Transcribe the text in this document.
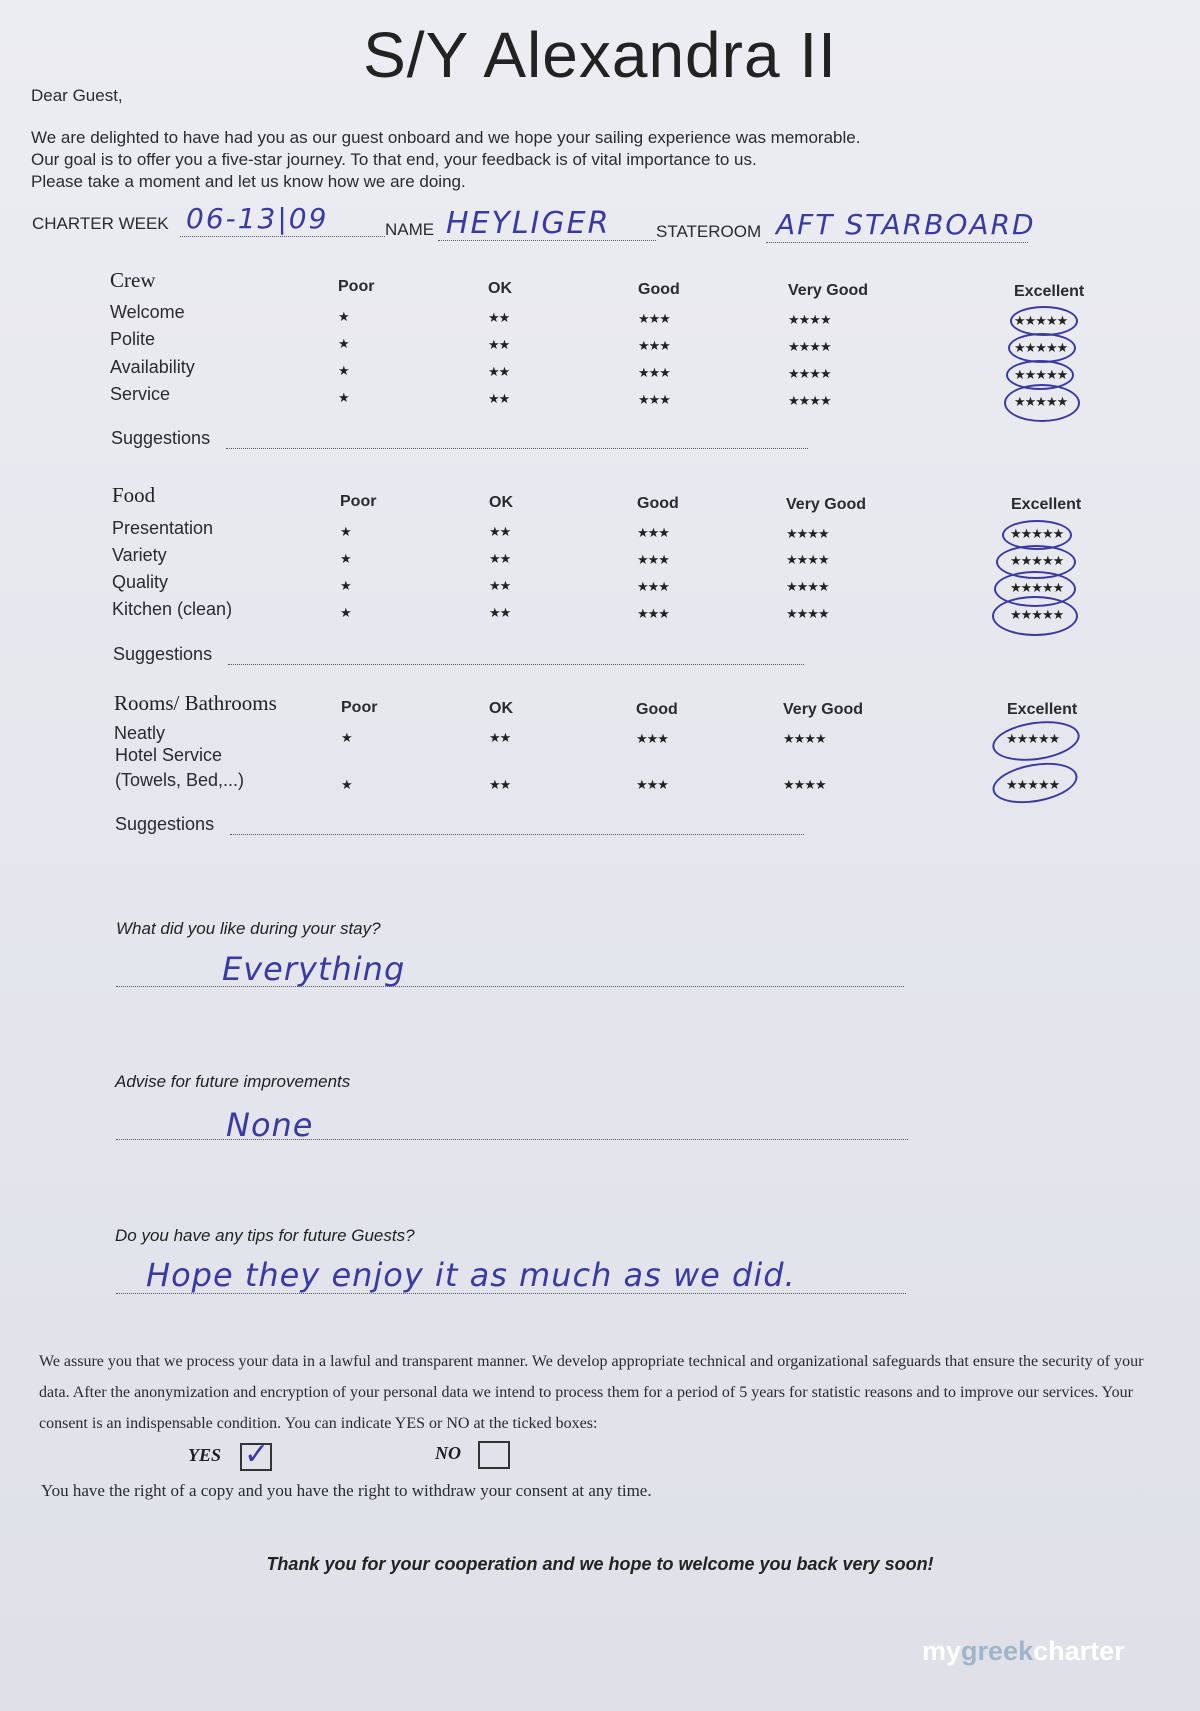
S/Y Alexandra II
Dear Guest,
We are delighted to have had you as our guest onboard and we hope your sailing experience was memorable.
Our goal is to offer you a five-star journey. To that end, your feedback is of vital importance to us.
Please take a moment and let us know how we are doing.
CHARTER WEEK 06-13|09	NAME HEYLIGER	STATEROOM AFT STARBOARD
Crew	Poor	OK	Good	Very Good	Excellent
Welcome	★	★★	★★★	★★★★	★★★★★
Polite	★	★★	★★★	★★★★	★★★★★
Availability	★	★★	★★★	★★★★	★★★★★
Service	★	★★	★★★	★★★★	★★★★★
Suggestions
Food	Poor	OK	Good	Very Good	Excellent
Presentation	★	★★	★★★	★★★★	★★★★★
Variety	★	★★	★★★	★★★★	★★★★★
Quality	★	★★	★★★	★★★★	★★★★★
Kitchen (clean)	★	★★	★★★	★★★★	★★★★★
Suggestions
Rooms/ Bathrooms	Poor	OK	Good	Very Good	Excellent
Neatly	★	★★	★★★	★★★★	★★★★★
Hotel Service
(Towels, Bed,...)	★	★★	★★★	★★★★	★★★★★
Suggestions
What did you like during your stay?
Everything
Advise for future improvements
None
Do you have any tips for future Guests?
Hope they enjoy it as much as we did.
We assure you that we process your data in a lawful and transparent manner. We develop appropriate technical and organizational safeguards that ensure the security of your data. After the anonymization and encryption of your personal data we intend to process them for a period of 5 years for statistic reasons and to improve our services. Your consent is an indispensable condition. You can indicate YES or NO at the ticked boxes:
YES ✓	NO
You have the right of a copy and you have the right to withdraw your consent at any time.
Thank you for your cooperation and we hope to welcome you back very soon!
mygreekcharter
